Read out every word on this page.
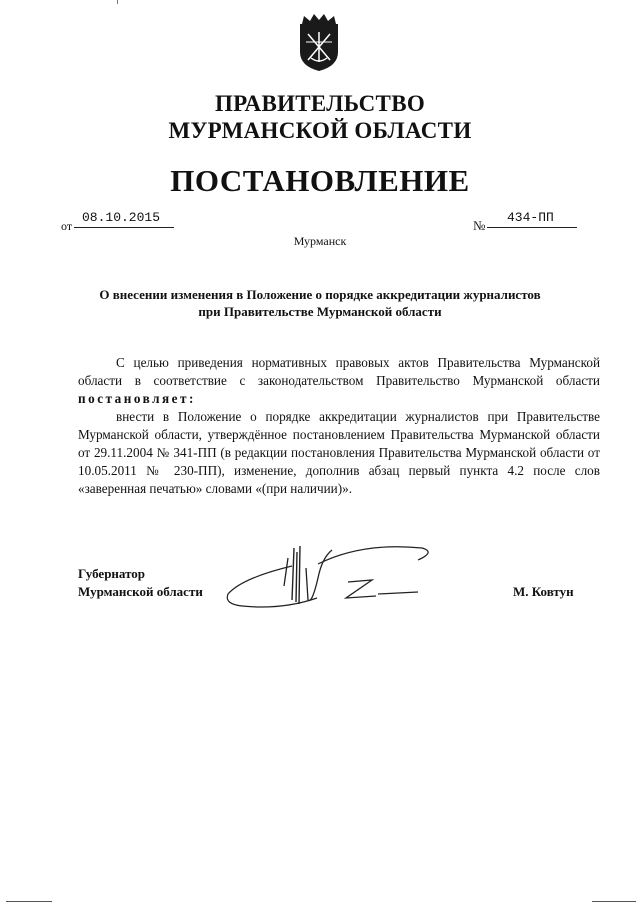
ПРАВИТЕЛЬСТВО
МУРМАНСКОЙ ОБЛАСТИ
ПОСТАНОВЛЕНИЕ
от
08.10.2015
№
434-ПП
Мурманск
О внесении изменения в Положение о порядке аккредитации журналистов
при Правительстве Мурманской области

С целью приведения нормативных правовых актов Правительства Мурманской области в соответствие с законодательством Правительство Мурманской области постановляет:

внести в Положение о порядке аккредитации журналистов при Правительстве Мурманской области, утверждённое постановлением Правительства Мурманской области от 29.11.2004 № 341-ПП (в редакции постановления Правительства Мурманской области от 10.05.2011 № 230-ПП), изменение, дополнив абзац первый пункта 4.2 после слов «заверенная печатью» словами «(при наличии)».

Губернатор
Мурманской области	М. Ковтун
